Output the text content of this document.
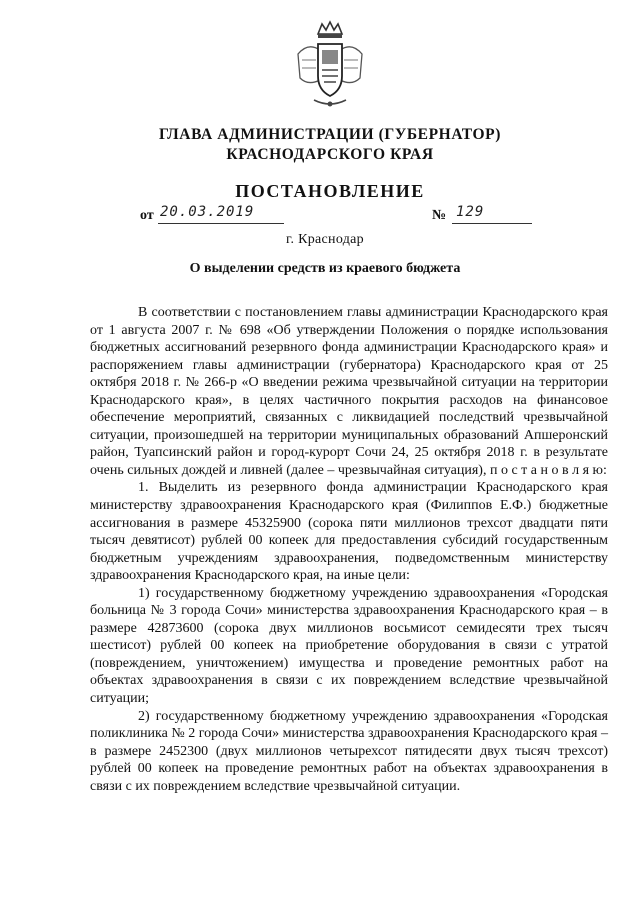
ГЛАВА АДМИНИСТРАЦИИ (ГУБЕРНАТОР)
КРАСНОДАРСКОГО КРАЯ
ПОСТАНОВЛЕНИЕ
от 20.03.2019	№ 129
г. Краснодар
О выделении средств из краевого бюджета

В соответствии с постановлением главы администрации Краснодарского края от 1 августа 2007 г. № 698 «Об утверждении Положения о порядке использования бюджетных ассигнований резервного фонда администрации Краснодарского края» и распоряжением главы администрации (губернатора) Краснодарского края от 25 октября 2018 г. № 266-р «О введении режима чрезвычайной ситуации на территории Краснодарского края», в целях частичного покрытия расходов на финансовое обеспечение мероприятий, связанных с ликвидацией последствий чрезвычайной ситуации, произошедшей на территории муниципальных образований Апшеронский район, Туапсинский район и город-курорт Сочи 24, 25 октября 2018 г. в результате очень сильных дождей и ливней (далее – чрезвычайная ситуация), п о с т а н о в л я ю:

1. Выделить из резервного фонда администрации Краснодарского края министерству здравоохранения Краснодарского края (Филиппов Е.Ф.) бюджетные ассигнования в размере 45325900 (сорока пяти миллионов трехсот двадцати пяти тысяч девятисот) рублей 00 копеек для предоставления субсидий государственным бюджетным учреждениям здравоохранения, подведомственным министерству здравоохранения Краснодарского края, на иные цели:

1) государственному бюджетному учреждению здравоохранения «Городская больница № 3 города Сочи» министерства здравоохранения Краснодарского края – в размере 42873600 (сорока двух миллионов восьмисот семидесяти трех тысяч шестисот) рублей 00 копеек на приобретение оборудования в связи с утратой (повреждением, уничтожением) имущества и проведение ремонтных работ на объектах здравоохранения в связи с их повреждением вследствие чрезвычайной ситуации;

2) государственному бюджетному учреждению здравоохранения «Городская поликлиника № 2 города Сочи» министерства здравоохранения Краснодарского края – в размере 2452300 (двух миллионов четырехсот пятидесяти двух тысяч трехсот) рублей 00 копеек на проведение ремонтных работ на объектах здравоохранения в связи с их повреждением вследствие чрезвычайной ситуации.
